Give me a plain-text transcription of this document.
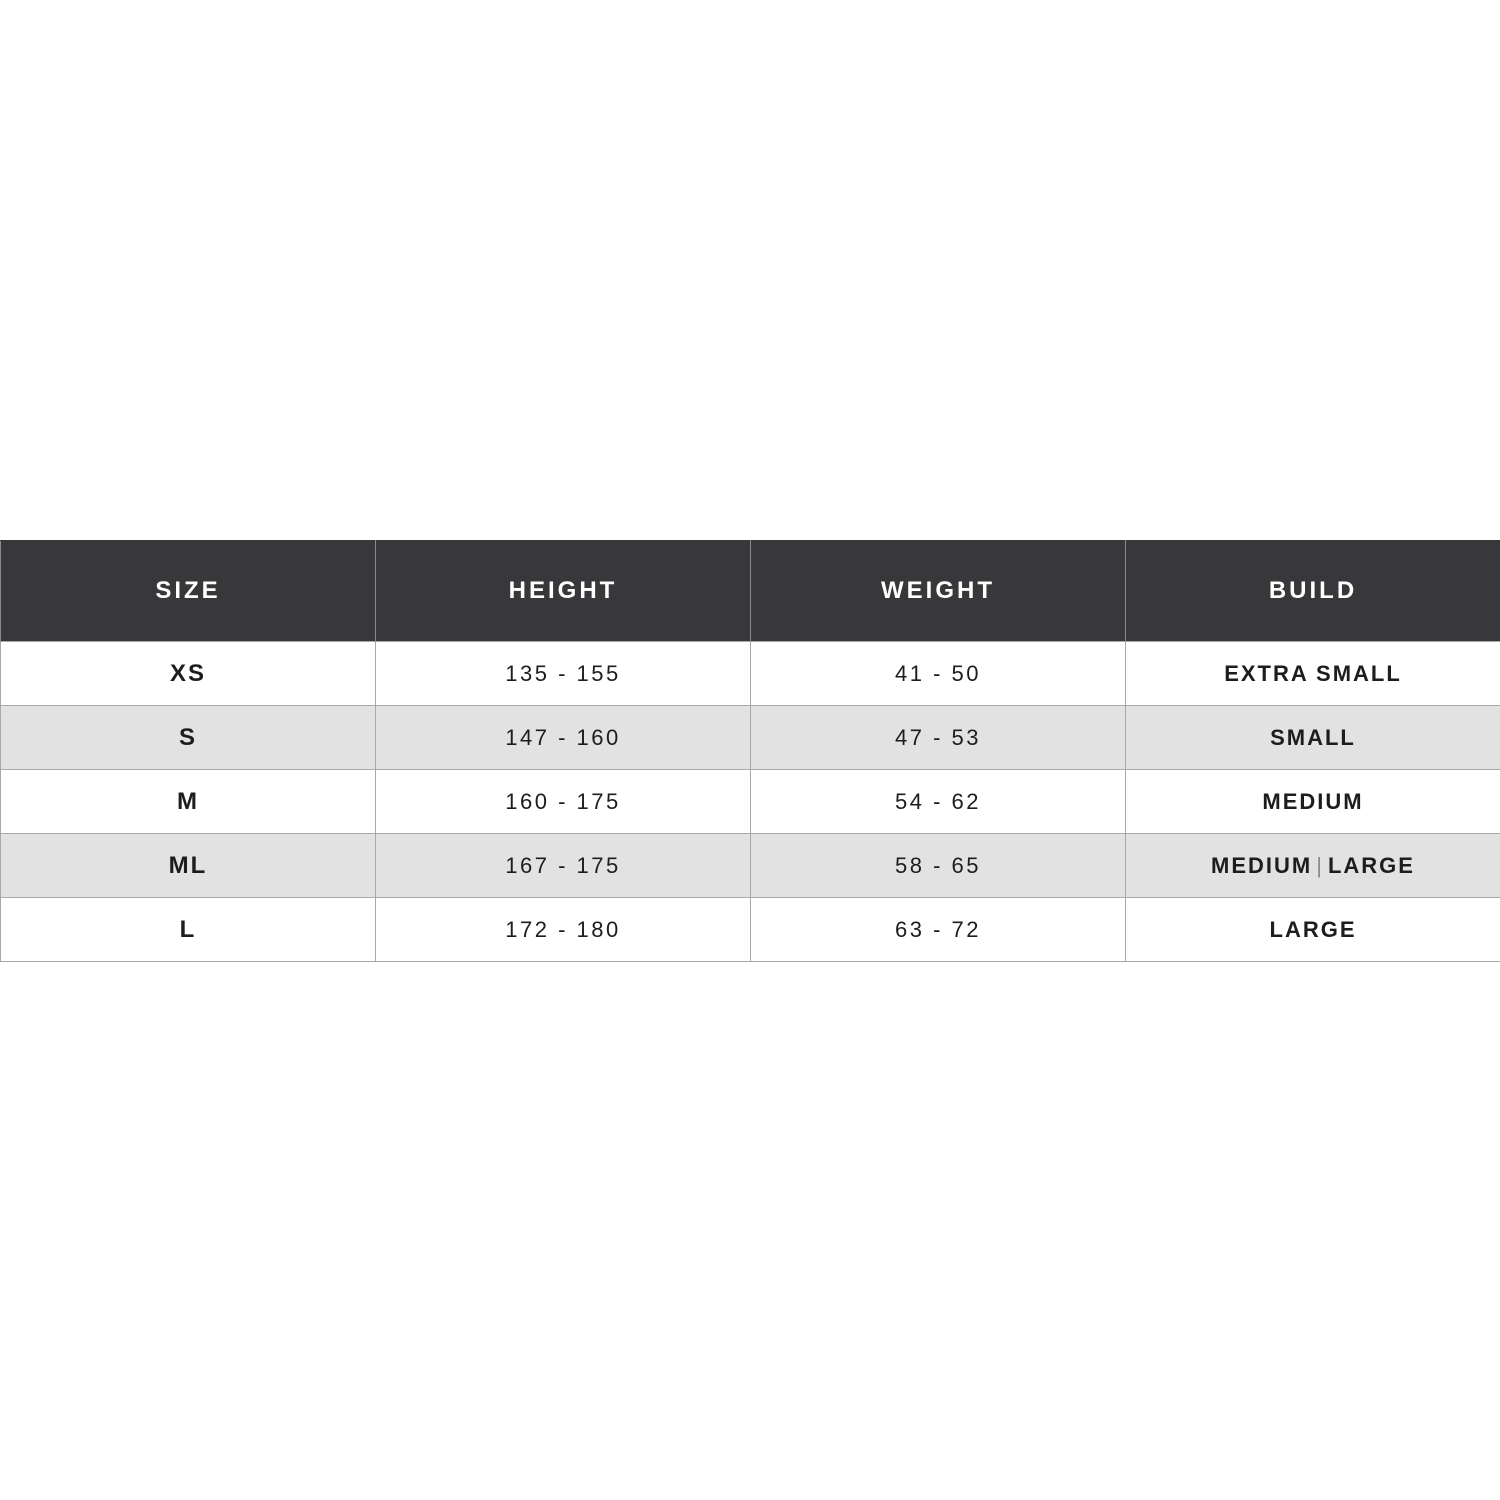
SIZE	HEIGHT	WEIGHT	BUILD
XS	135 - 155	41 - 50	EXTRA SMALL
S	147 - 160	47 - 53	SMALL
M	160 - 175	54 - 62	MEDIUM
ML	167 - 175	58 - 65	MEDIUM | LARGE
L	172 - 180	63 - 72	LARGE
